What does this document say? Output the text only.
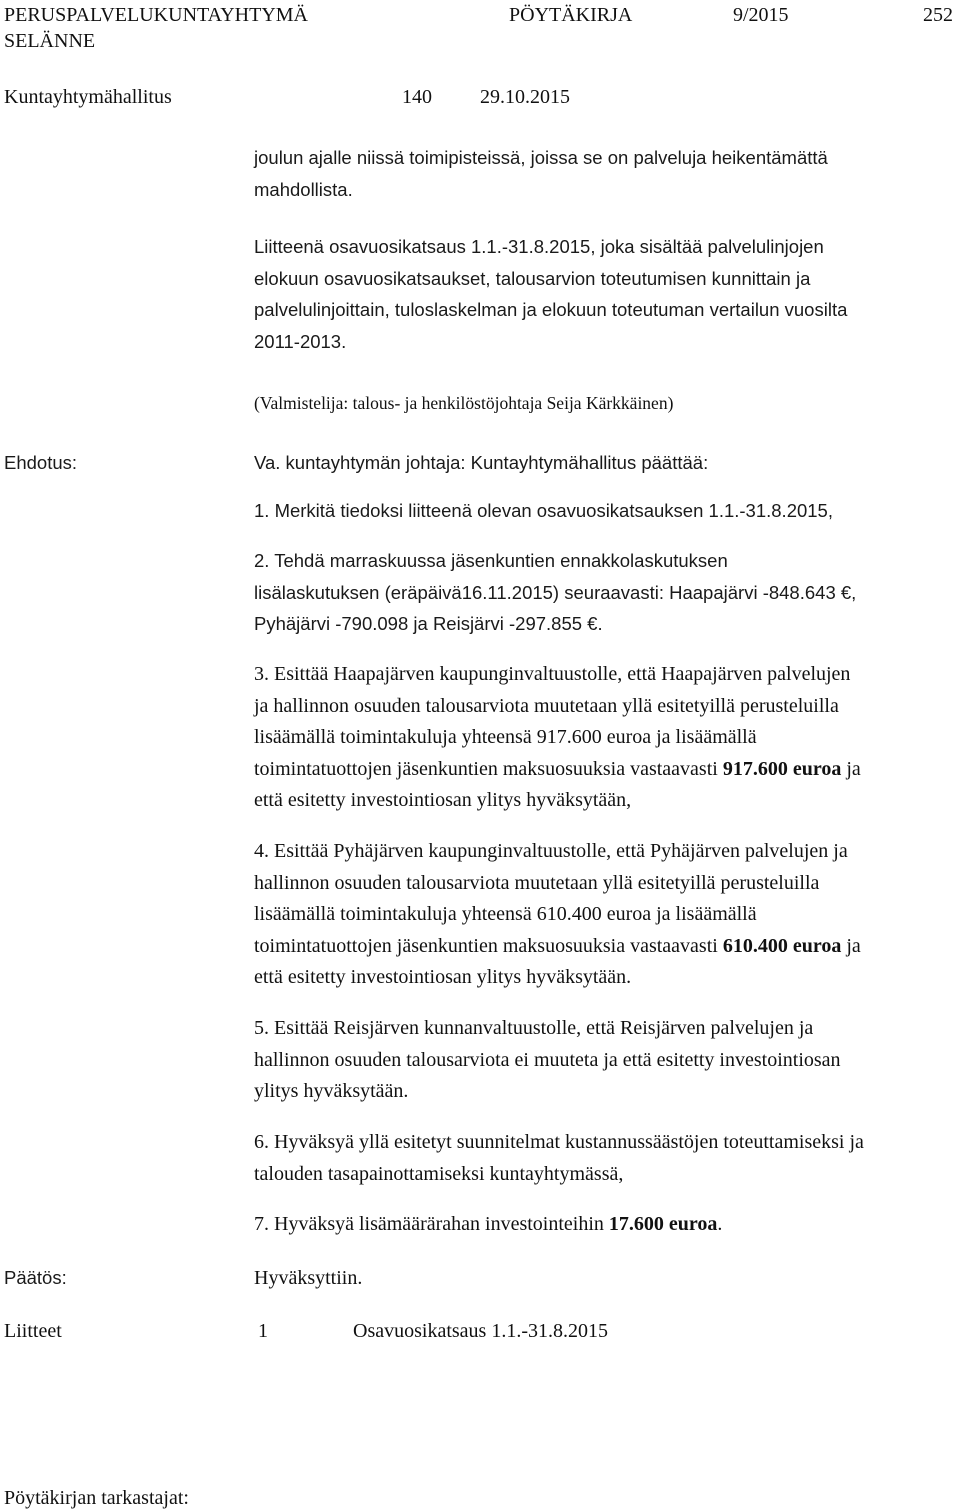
PERUSPALVELUKUNTAYHTYMÄ
SELÄNNE
PÖYTÄKIRJA	9/2015	252
Kuntayhtymähallitus	140 29.10.2015
joulun ajalle niissä toimipisteissä, joissa se on palveluja heikentämättä
mahdollista.
Liitteenä osavuosikatsaus 1.1.-31.8.2015, joka sisältää palvelulinjojen
elokuun osavuosikatsaukset, talousarvion toteutumisen kunnittain ja
palvelulinjoittain, tuloslaskelman ja elokuun toteutuman vertailun vuosilta
2011-2013.
(Valmistelija: talous- ja henkilöstöjohtaja Seija Kärkkäinen)
Ehdotus:	Va. kuntayhtymän johtaja: Kuntayhtymähallitus päättää:
1. Merkitä tiedoksi liitteenä olevan osavuosikatsauksen 1.1.-31.8.2015,
2. Tehdä marraskuussa jäsenkuntien ennakkolaskutuksen
lisälaskutuksen (eräpäivä16.11.2015) seuraavasti: Haapajärvi -848.643 €,
Pyhäjärvi -790.098 ja Reisjärvi -297.855 €.
3. Esittää Haapajärven kaupunginvaltuustolle, että Haapajärven palvelujen
ja hallinnon osuuden talousarviota muutetaan yllä esitetyillä perusteluilla
lisäämällä toimintakuluja yhteensä 917.600 euroa ja lisäämällä
toimintatuottojen jäsenkuntien maksuosuuksia vastaavasti 917.600 euroa ja
että esitetty investointiosan ylitys hyväksytään,
4. Esittää Pyhäjärven kaupunginvaltuustolle, että Pyhäjärven palvelujen ja
hallinnon osuuden talousarviota muutetaan yllä esitetyillä perusteluilla
lisäämällä toimintakuluja yhteensä 610.400 euroa ja lisäämällä
toimintatuottojen jäsenkuntien maksuosuuksia vastaavasti 610.400 euroa ja
että esitetty investointiosan ylitys hyväksytään.
5. Esittää Reisjärven kunnanvaltuustolle, että Reisjärven palvelujen ja
hallinnon osuuden talousarviota ei muuteta ja että esitetty investointiosan
ylitys hyväksytään.
6. Hyväksyä yllä esitetyt suunnitelmat kustannussäästöjen toteuttamiseksi ja
talouden tasapainottamiseksi kuntayhtymässä,
7. Hyväksyä lisämäärärahan investointeihin 17.600 euroa.
Päätös:	Hyväksyttiin.
Liitteet	1	Osavuosikatsaus 1.1.-31.8.2015
Pöytäkirjan tarkastajat:
